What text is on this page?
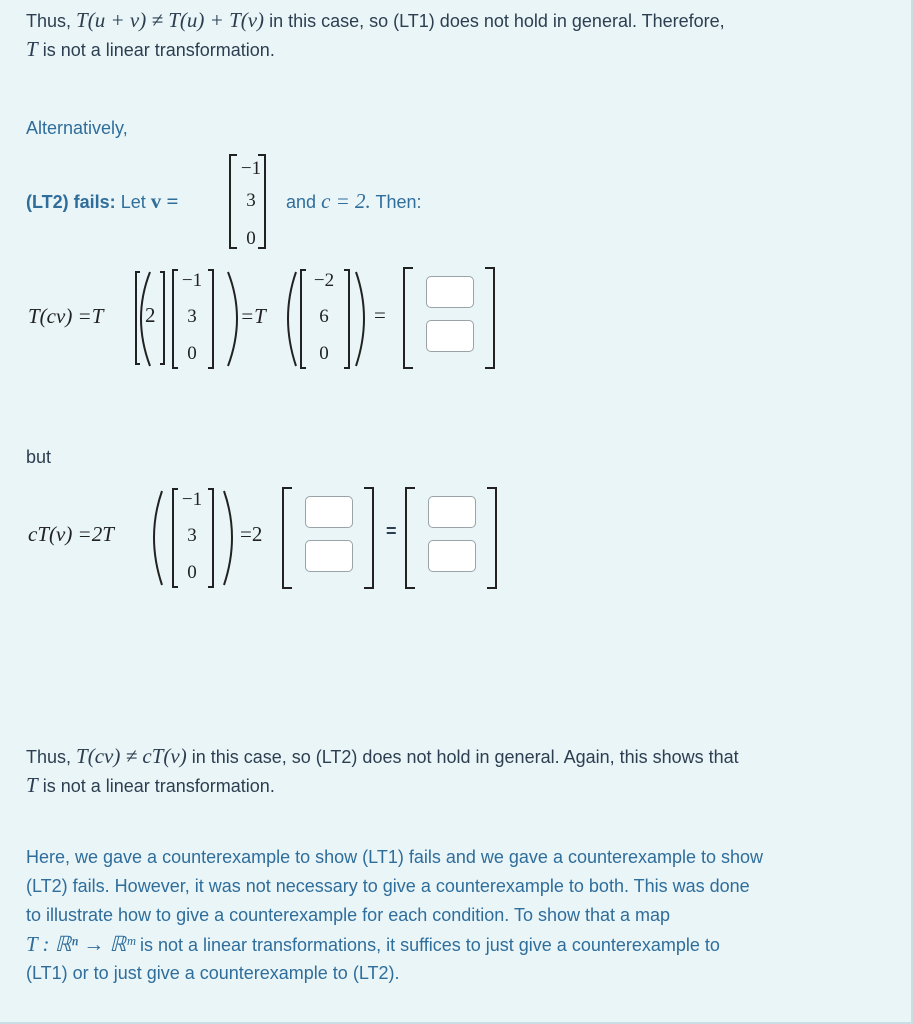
Thus, T(u + v) ≠ T(u) + T(v) in this case, so (LT1) does not hold in general. Therefore,
T is not a linear transformation.
Alternatively,
(LT2) fails: Let v =
−1
3
0
and c = 2. Then:
T(cv) =T 2
−1
3
0
=T
−2
6
0
=
but
cT(v) =2T
−1
3
0
=2	=
Thus, T(cv) ≠ cT(v) in this case, so (LT2) does not hold in general. Again, this shows that
T is not a linear transformation.
Here, we gave a counterexample to show (LT1) fails and we gave a counterexample to show
(LT2) fails. However, it was not necessary to give a counterexample to both. This was done
to illustrate how to give a counterexample for each condition. To show that a map
T : ℝⁿ → ℝᵐ is not a linear transformations, it suffices to just give a counterexample to
(LT1) or to just give a counterexample to (LT2).
